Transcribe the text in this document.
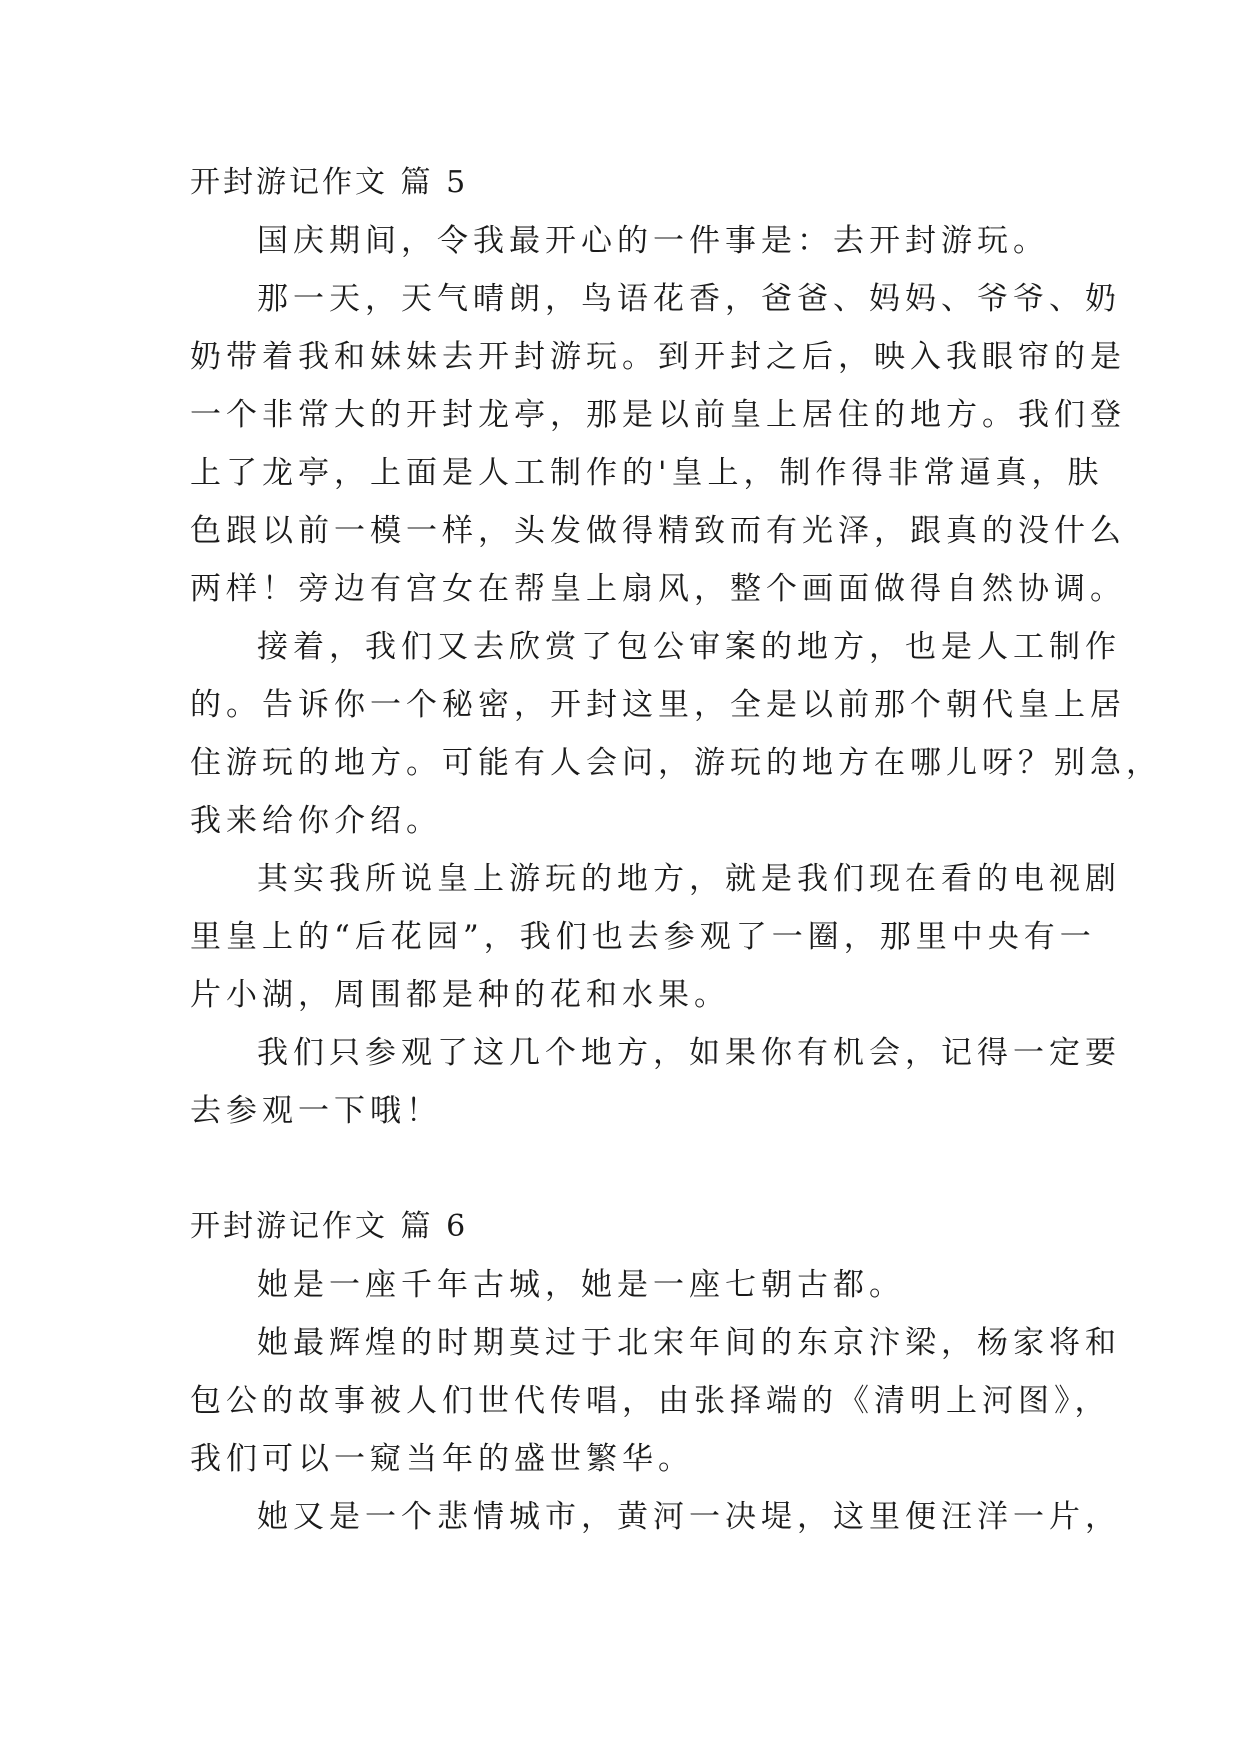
开封游记作文 篇 5
国庆期间，令我最开心的一件事是：去开封游玩。
那一天，天气晴朗，鸟语花香，爸爸、妈妈、爷爷、奶
奶带着我和妹妹去开封游玩。到开封之后，映入我眼帘的是
一个非常大的开封龙亭，那是以前皇上居住的地方。我们登
上了龙亭，上面是人工制作的'皇上，制作得非常逼真，肤
色跟以前一模一样，头发做得精致而有光泽，跟真的没什么
两样！旁边有宫女在帮皇上扇风，整个画面做得自然协调。
接着，我们又去欣赏了包公审案的地方，也是人工制作
的。告诉你一个秘密，开封这里，全是以前那个朝代皇上居
住游玩的地方。可能有人会问，游玩的地方在哪儿呀？别急，
我来给你介绍。
其实我所说皇上游玩的地方，就是我们现在看的电视剧
里皇上的“后花园”，我们也去参观了一圈，那里中央有一
片小湖，周围都是种的花和水果。
我们只参观了这几个地方，如果你有机会，记得一定要
去参观一下哦！
开封游记作文 篇 6
她是一座千年古城，她是一座七朝古都。
她最辉煌的时期莫过于北宋年间的东京汴梁，杨家将和
包公的故事被人们世代传唱，由张择端的《清明上河图》，
我们可以一窥当年的盛世繁华。
她又是一个悲情城市，黄河一决堤，这里便汪洋一片，
